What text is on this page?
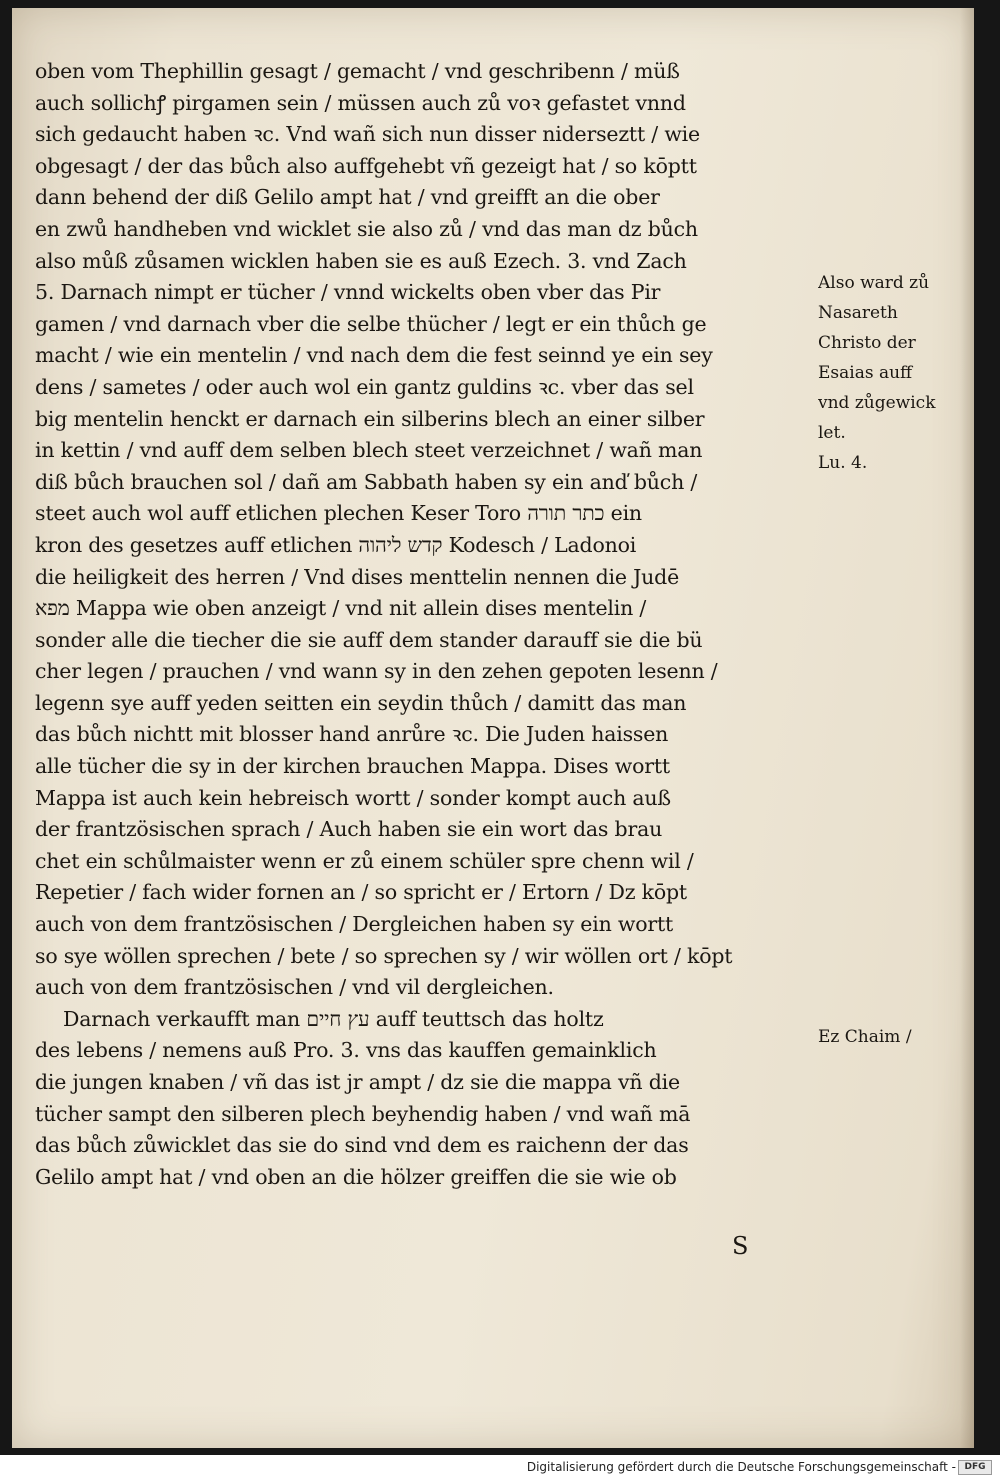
oben vom Thephillin gesagt / gemacht / vnd geschribenn / müß
auch sollichꝭ pirgamen sein / müssen auch zů voꝛ gefastet vnnd
sich gedaucht haben ꝛc. Vnd wañ sich nun disser niderseztt / wie
obgesagt / der das bůch also auffgehebt vñ gezeigt hat / so kōptt
dann behend der diß Gelilo ampt hat / vnd greifft an die ober
en zwů handheben vnd wicklet sie also zů / vnd das man dz bůch
also můß zůsamen wicklen haben sie es auß Ezech. 3. vnd Zach
5. Darnach nimpt er tücher / vnnd wickelts oben vber das Pir
gamen / vnd darnach vber die selbe thücher / legt er ein thůch ge
macht / wie ein mentelin / vnd nach dem die fest seinnd ye ein sey
dens / sametes / oder auch wol ein gantz guldins ꝛc. vber das sel
big mentelin henckt er darnach ein silberins blech an einer silber
in kettin / vnd auff dem selben blech steet verzeichnet / wañ man
diß bůch brauchen sol / dañ am Sabbath haben sy ein anď bůch /
steet auch wol auff etlichen plechen Keser Toro כתר תורה ein
kron des gesetzes auff etlichen קדש ליהוה Kodesch / Ladonoi
die heiligkeit des herren / Vnd dises menttelin nennen die Judē
מפא Mappa wie oben anzeigt / vnd nit allein dises mentelin /
sonder alle die tiecher die sie auff dem stander darauff sie die bü
cher legen / prauchen / vnd wann sy in den zehen gepoten lesenn /
legenn sye auff yeden seitten ein seydin thůch / damitt das man
das bůch nichtt mit blosser hand anrůre ꝛc. Die Juden haissen
alle tücher die sy in der kirchen brauchen Mappa. Dises wortt
Mappa ist auch kein hebreisch wortt / sonder kompt auch auß
der frantzösischen sprach / Auch haben sie ein wort das brau
chet ein schůlmaister wenn er zů einem schüler spre chenn wil /
Repetier / fach wider fornen an / so spricht er / Ertorn / Dz kōpt
auch von dem frantzösischen / Dergleichen haben sy ein wortt
so sye wöllen sprechen / bete / so sprechen sy / wir wöllen ort / kōpt
auch von dem frantzösischen / vnd vil dergleichen.
Darnach verkaufft man עץ חיים auff teuttsch das holtz
des lebens / nemens auß Pro. 3. vns das kauffen gemainklich
die jungen knaben / vñ das ist jr ampt / dz sie die mappa vñ die
tücher sampt den silberen plech beyhendig haben / vnd wañ mā
das bůch zůwicklet das sie do sind vnd dem es raichenn der das
Gelilo ampt hat / vnd oben an die hölzer greiffen die sie wie ob
Also ward zů
Nasareth
Christo der
Esaias auff
vnd zůgewick
let.
Lu. 4.
Ez Chaim /
S
Digitalisierung gefördert durch die Deutsche Forschungsgemeinschaft - DFG
